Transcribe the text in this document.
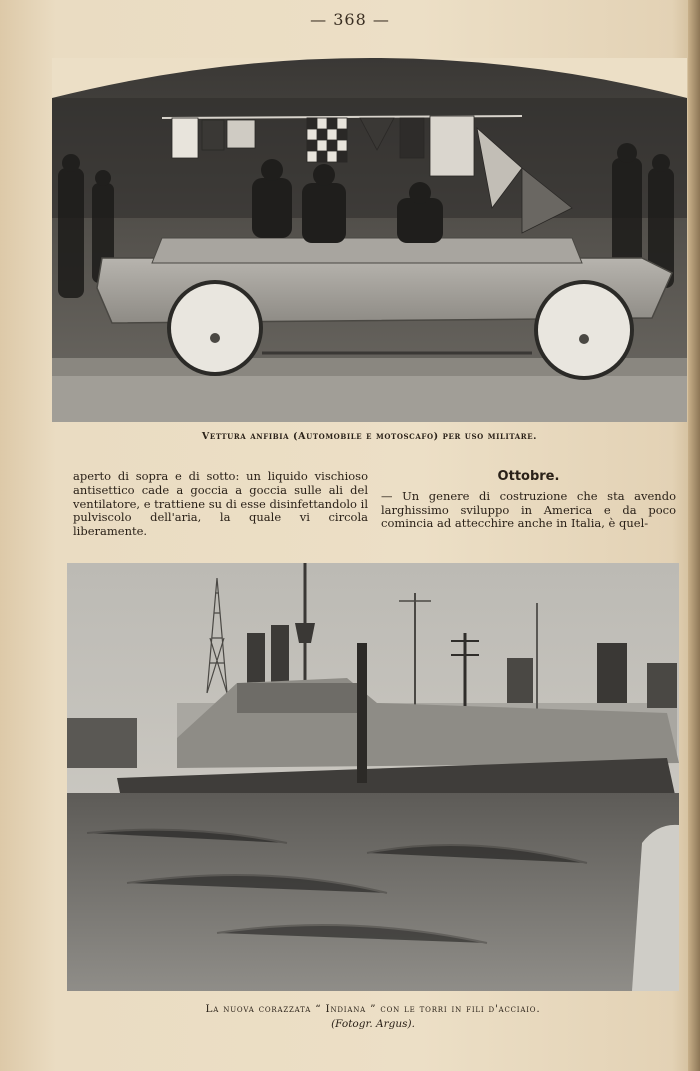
— 368 —
Vettura anfibia (Automobile e motoscafo) per uso militare.

aperto di sopra e di sotto: un liquido vischioso antisettico cade a goccia a goccia sulle ali del ventilatore, e trattiene su di esse disinfettandolo il pulviscolo dell'aria, la quale vi circola liberamente.

Ottobre.

— Un genere di costruzione che sta avendo larghissimo sviluppo in America e da poco comincia ad attecchire anche in Italia, è quel-

La nuova corazzata “ Indiana ” con le torri in fili d'acciaio.
(Fotogr. Argus).
